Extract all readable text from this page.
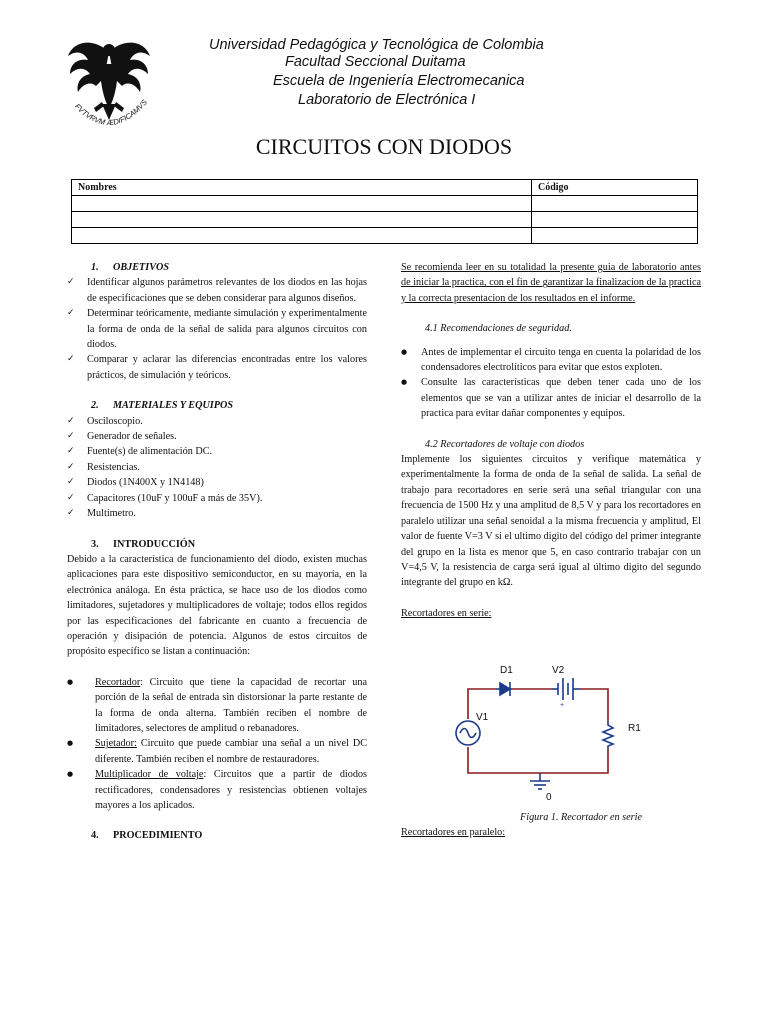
FVTVRVM ÆDIFICAMVS
Universidad Pedagógica y Tecnológica de Colombia
Facultad Seccional Duitama
Escuela de Ingeniería Electromecanica
Laboratorio de Electrónica I
CIRCUITOS CON DIODOS
Nombres	Código

1. OBJETIVOS
✓ Identificar algunos parámetros relevantes de los diodos en las hojas de especificaciones que se deben considerar para algunos diseños.
✓ Determinar teóricamente, mediante simulación y experimentalmente la forma de onda de la señal de salida para algunos circuitos con diodos.
✓ Comparar y aclarar las diferencias encontradas entre los valores prácticos, de simulación y teóricos.
2. MATERIALES Y EQUIPOS
✓ Osciloscopio.
✓ Generador de señales.
✓ Fuente(s) de alimentación DC.
✓ Resistencias.
✓ Diodos (1N400X y 1N4148)
✓ Capacitores (10uF y 100uF a más de 35V).
✓ Multímetro.
3. INTRODUCCIÓN

Debido a la característica de funcionamiento del diodo, existen muchas aplicaciones para este dispositivo semiconductor, en su mayoría, en la electrónica análoga. En ésta práctica, se hace uso de los diodos como limitadores, sujetadores y multiplicadores de voltaje; todos ellos regidos por las especificaciones del fabricante en cuanto a frecuencia de operación y disipación de potencia. Algunos de estos circuitos de propósito específico se listan a continuación:

● Recortador: Circuito que tiene la capacidad de recortar una porción de la señal de entrada sin distorsionar la parte restante de la forma de onda alterna. También reciben el nombre de limitadores, selectores de amplitud o rebanadores.
● Sujetador: Circuito que puede cambiar una señal a un nivel DC diferente. También reciben el nombre de restauradores.
● Multiplicador de voltaje: Circuitos que a partir de diodos rectificadores, condensadores y resistencias obtienen voltajes mayores a los aplicados.
4. PROCEDIMIENTO

Se recomienda leer en su totalidad la presente guia de laboratorio antes de iniciar la practica, con el fin de garantizar la finalizacion de la practica y la correcta presentacion de los resultados en el informe.

4.1 Recomendaciones de seguridad.
● Antes de implementar el circuito tenga en cuenta la polaridad de los condensadores electrolíticos para evitar que estos exploten.
● Consulte las características que deben tener cada uno de los elementos que se van a utilizar antes de iniciar el desarrollo de la practica para evitar dañar componentes y equipos.
4.2 Recortadores de voltaje con diodos

Implemente los siguientes circuitos y verifique matemática y experimentalmente la forma de onda de la señal de salida. La señal de trabajo para recortadores en serie será una señal triangular con una frecuencia de 1500 Hz y una amplitud de 8,5 V y para los recortadores en paralelo utilizar una señal senoidal a la misma frecuencia y amplitud, El valor de fuente V=3 V si el ultimo digito del código del primer integrante del grupo en la lista es menor que 5, en caso contrario trabajar con un V=4,5 V, la resistencia de carga será igual al último digito del segundo integrante del grupo en kΩ.

Recortadores en serie:
+
D1	V2
V1
R1
0
Figura 1. Recortador en serie
Recortadores en paralelo:
